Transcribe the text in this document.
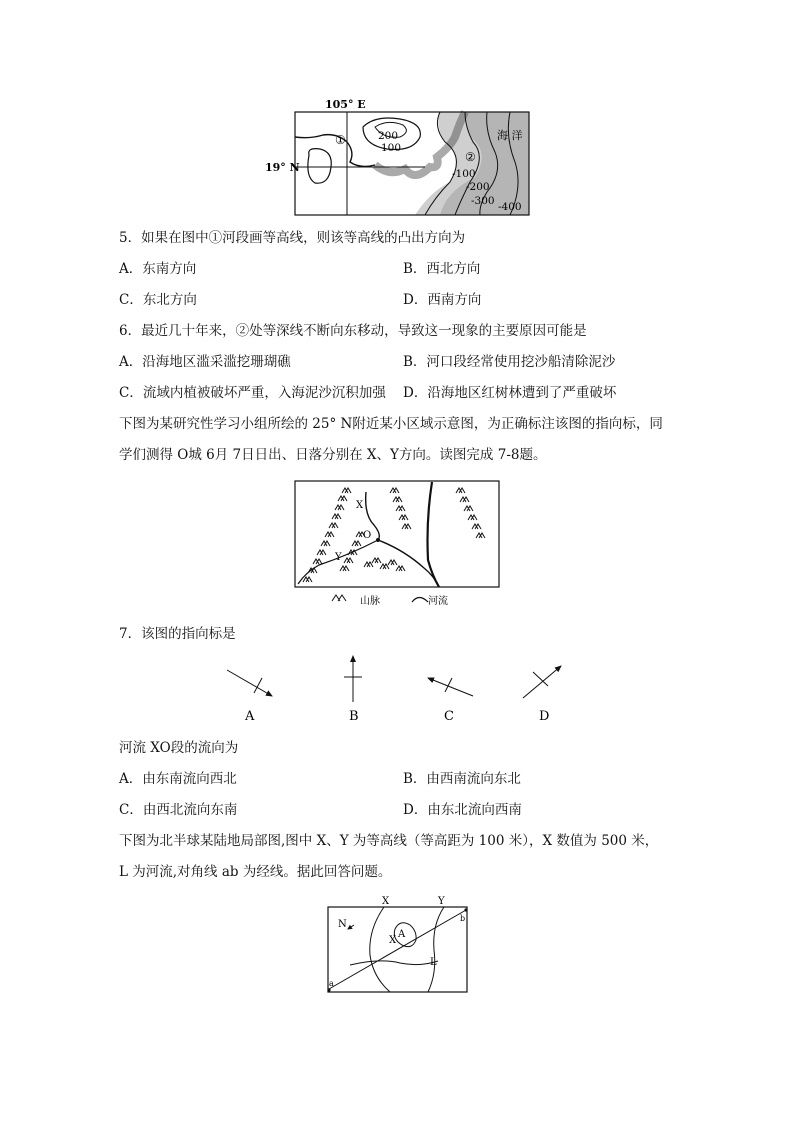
105° E
19° N
①
②
海 洋
200
100
-100
-200
-300 -400
5．如果在图中①河段画等高线，则该等高线的凸出方向为
A．东南方向	B．西北方向
C．东北方向	D．西南方向
6．最近几十年来，②处等深线不断向东移动，导致这一现象的主要原因可能是
A．沿海地区滥采滥挖珊瑚礁	B．河口段经常使用挖沙船清除泥沙
C．流域内植被破坏严重，入海泥沙沉积加强 D．沿海地区红树林遭到了严重破坏
下图为某研究性学习小组所绘的 25° N附近某小区域示意图，为正确标注该图的指向标，同
学们测得 O城 6月 7日日出、日落分别在 X、Y方向。读图完成 7-8题。
X
O
Y
山脉	河流
7．该图的指向标是
A	B	C	D
河流 XO段的流向为
A．由东南流向西北	B．由西南流向东北
C．由西北流向东南	D．由东北流向西南
下图为北半球某陆地局部图,图中 X、Y 为等高线（等高距为 100 米），X 数值为 500 米，
L 为河流,对角线 ab 为经线。据此回答问题。
N
X	Y
X
A
L
a
b
